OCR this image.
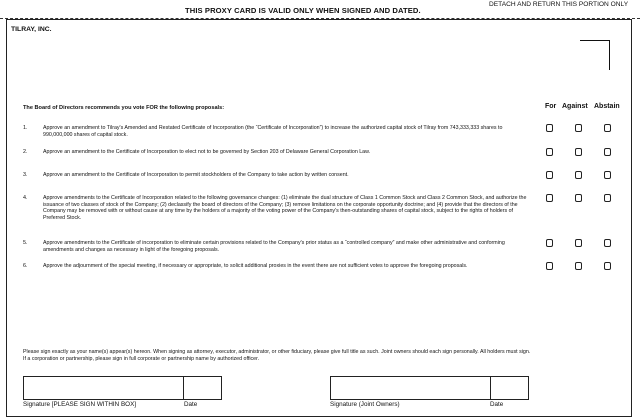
THIS PROXY CARD IS VALID ONLY WHEN SIGNED AND DATED.
DETACH AND RETURN THIS PORTION ONLY
TILRAY, INC.
The Board of Directors recommends you vote FOR the following proposals:	For Against Abstain
1.	Approve an amendment to Tilray's Amended and Restated Certificate of Incorporation (the “Certificate of Incorporation”) to increase the authorized capital stock of Tilray from 743,333,333 shares to 990,000,000 shares of capital stock.
2.	Approve an amendment to the Certificate of Incorporation to elect not to be governed by Section 203 of Delaware General Corporation Law.
3.	Approve an amendment to the Certificate of Incorporation to permit stockholders of the Company to take action by written consent.
4.	Approve amendments to the Certificate of Incorporation related to the following governance changes: (1) eliminate the dual structure of Class 1 Common Stock and Class 2 Common Stock, and authorize the issuance of two classes of stock of the Company; (2) declassify the board of directors of the Company; (3) remove limitations on the corporate opportunity doctrine; and (4) provide that the directors of the Company may be removed with or without cause at any time by the holders of a majority of the voting power of the Company's then-outstanding shares of capital stock, subject to the rights of holders of Preferred Stock.
5.	Approve amendments to the Certificate of incorporation to eliminate certain provisions related to the Company's prior status as a “controlled company” and make other administrative and conforming amendments and changes as necessary in light of the foregoing proposals.
6.	Approve the adjournment of the special meeting, if necessary or appropriate, to solicit additional proxies in the event there are not sufficient votes to approve the foregoing proposals.
Please sign exactly as your name(s) appear(s) hereon. When signing as attorney, executor, administrator, or other fiduciary, please give full title as such. Joint owners should each sign personally. All holders must sign. If a corporation or partnership, please sign in full corporate or partnership name by authorized officer.
Signature [PLEASE SIGN WITHIN BOX]	Date	Signature (Joint Owners)	Date
